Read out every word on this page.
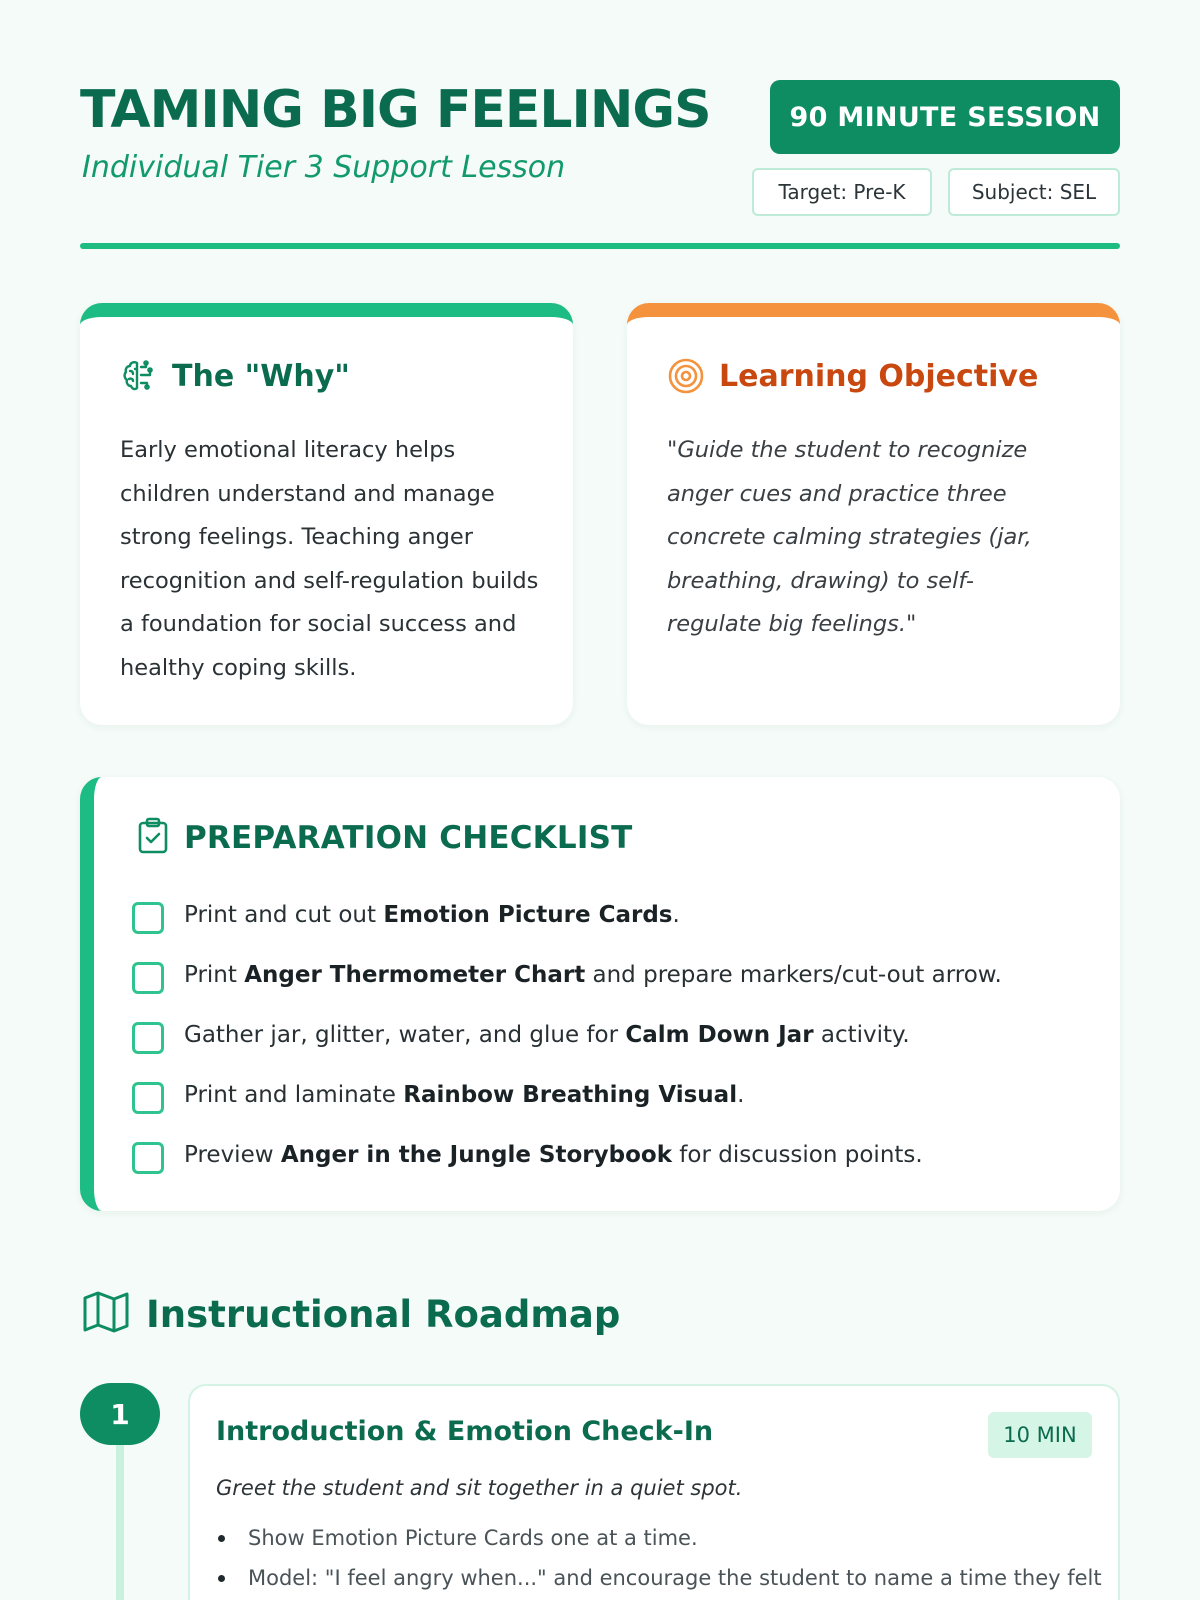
TAMING BIG FEELINGS
Individual Tier 3 Support Lesson
90 MINUTE SESSION
Target: Pre-K	Subject: SEL
The "Why"

Early emotional literacy helps children understand and manage strong feelings. Teaching anger recognition and self-regulation builds a foundation for social success and healthy coping skills.

Learning Objective

"Guide the student to recognize anger cues and practice three concrete calming strategies (jar, breathing, drawing) to self-regulate big feelings."

PREPARATION CHECKLIST
Print and cut out Emotion Picture Cards.
Print Anger Thermometer Chart and prepare markers/cut-out arrow.
Gather jar, glitter, water, and glue for Calm Down Jar activity.
Print and laminate Rainbow Breathing Visual.
Preview Anger in the Jungle Storybook for discussion points.
Instructional Roadmap
1
Introduction & Emotion Check-In	10 MIN
Greet the student and sit together in a quiet spot.
Show Emotion Picture Cards one at a time.
Model: "I feel angry when..." and encourage the student to name a time they felt
